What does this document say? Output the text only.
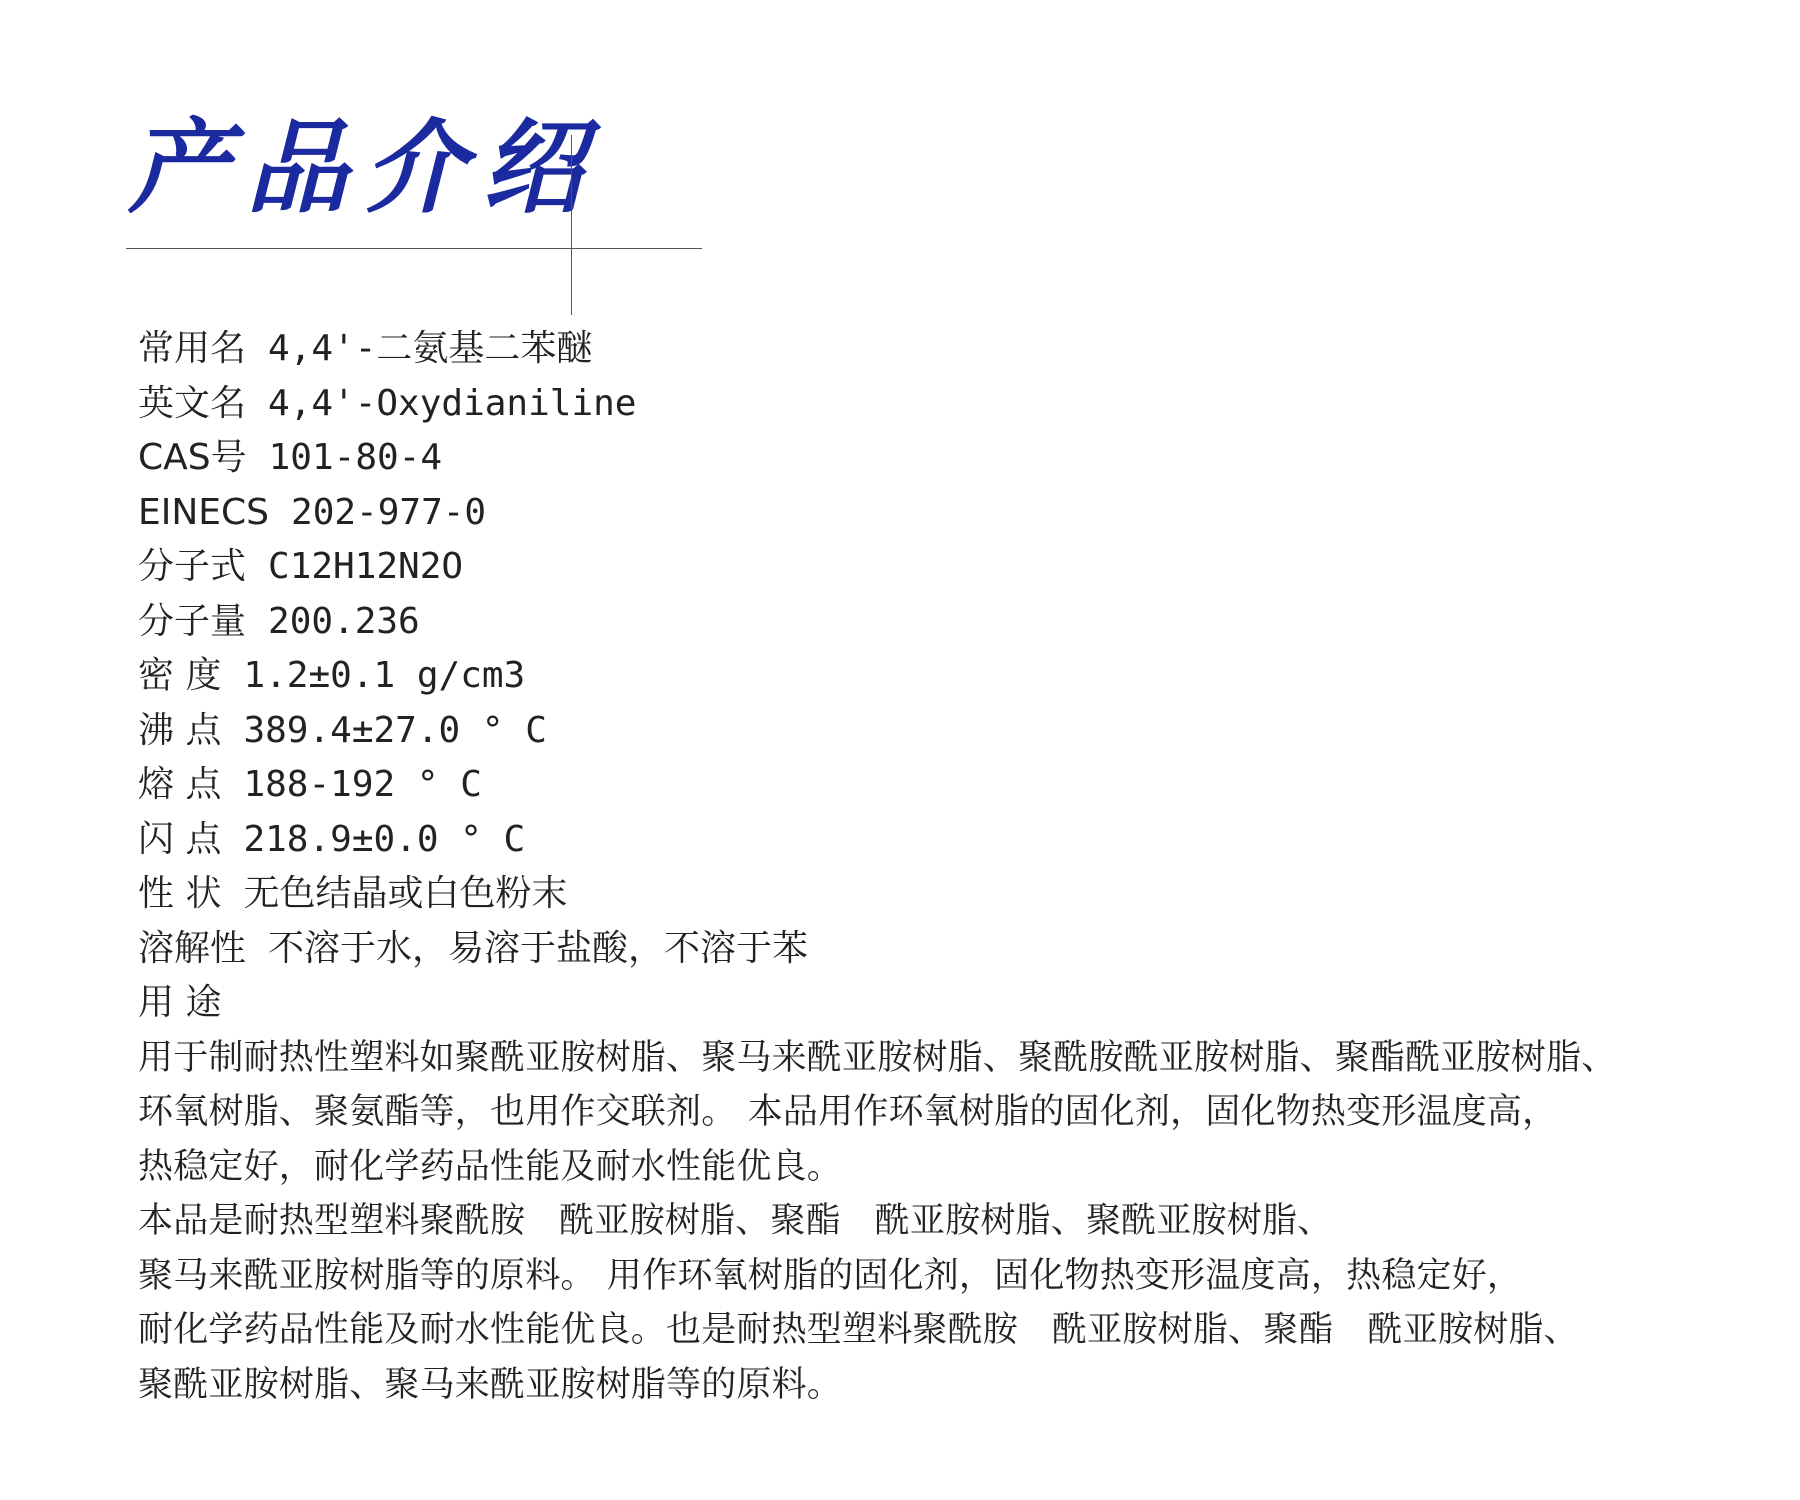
产品介绍
常用名 4,4'-二氨基二苯醚
英文名 4,4'-Oxydianiline
CAS号 101-80-4
EINECS 202-977-0
分子式 C12H12N2O
分子量 200.236
密 度 1.2±0.1 g/cm3
沸 点 389.4±27.0 ° C
熔 点 188-192 ° C
闪 点 218.9±0.0 ° C
性 状 无色结晶或白色粉末
溶解性 不溶于水，易溶于盐酸，不溶于苯
用 途
用于制耐热性塑料如聚酰亚胺树脂、聚马来酰亚胺树脂、聚酰胺酰亚胺树脂、聚酯酰亚胺树脂、
环氧树脂、聚氨酯等，也用作交联剂。 本品用作环氧树脂的固化剂，固化物热变形温度高，
热稳定好，耐化学药品性能及耐水性能优良。
本品是耐热型塑料聚酰胺   酰亚胺树脂、聚酯   酰亚胺树脂、聚酰亚胺树脂、
聚马来酰亚胺树脂等的原料。 用作环氧树脂的固化剂，固化物热变形温度高，热稳定好，
耐化学药品性能及耐水性能优良。也是耐热型塑料聚酰胺   酰亚胺树脂、聚酯   酰亚胺树脂、
聚酰亚胺树脂、聚马来酰亚胺树脂等的原料。
